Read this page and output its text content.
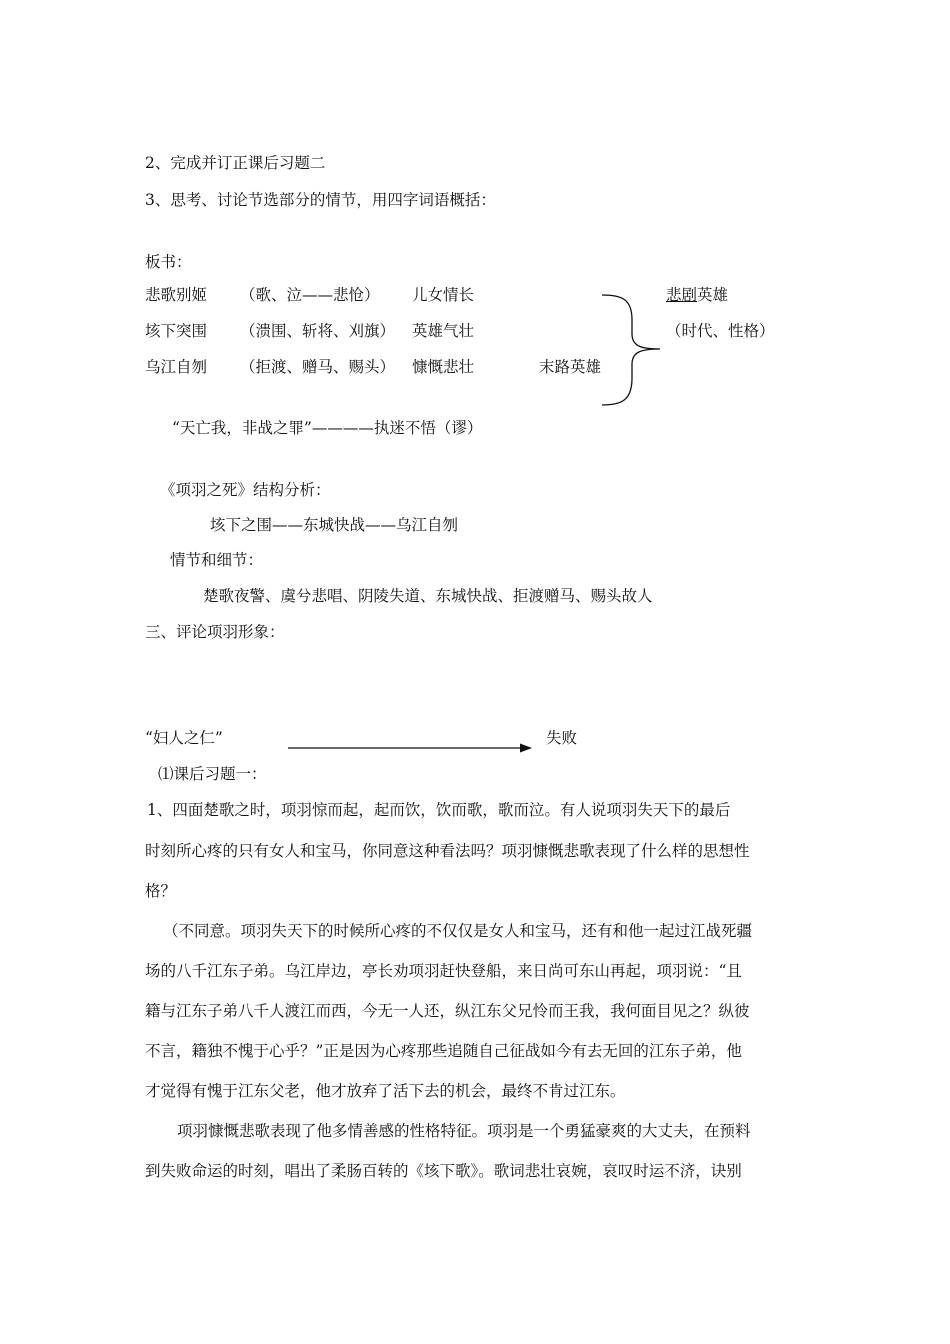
2、完成并订正课后习题二
3、思考、讨论节选部分的情节，用四字词语概括：
板书：
悲歌别姬 （歌、泣——悲怆） 儿女情长
垓下突围 （溃围、斩将、刈旗） 英雄气壮
乌江自刎 （拒渡、赠马、赐头） 慷慨悲壮	末路英雄
悲剧英雄
（时代、性格）
“天亡我，非战之罪”————执迷不悟（谬）
《项羽之死》结构分析：
垓下之围——东城快战——乌江自刎
情节和细节：
楚歌夜警、虞兮悲唱、阴陵失道、东城快战、拒渡赠马、赐头故人
三、评论项羽形象：
“妇人之仁”	失败
⑴课后习题一：
1、四面楚歌之时，项羽惊而起，起而饮，饮而歌，歌而泣。有人说项羽失天下的最后
时刻所心疼的只有女人和宝马，你同意这种看法吗？项羽慷慨悲歌表现了什么样的思想性
格？
（不同意。项羽失天下的时候所心疼的不仅仅是女人和宝马，还有和他一起过江战死疆
场的八千江东子弟。乌江岸边，亭长劝项羽赶快登船，来日尚可东山再起，项羽说：“且
籍与江东子弟八千人渡江而西，今无一人还，纵江东父兄怜而王我，我何面目见之？纵彼
不言，籍独不愧于心乎？”正是因为心疼那些追随自己征战如今有去无回的江东子弟，他
才觉得有愧于江东父老，他才放弃了活下去的机会，最终不肯过江东。
项羽慷慨悲歌表现了他多情善感的性格特征。项羽是一个勇猛豪爽的大丈夫，在预料
到失败命运的时刻，唱出了柔肠百转的《垓下歌》。歌词悲壮哀婉，哀叹时运不济，诀别
